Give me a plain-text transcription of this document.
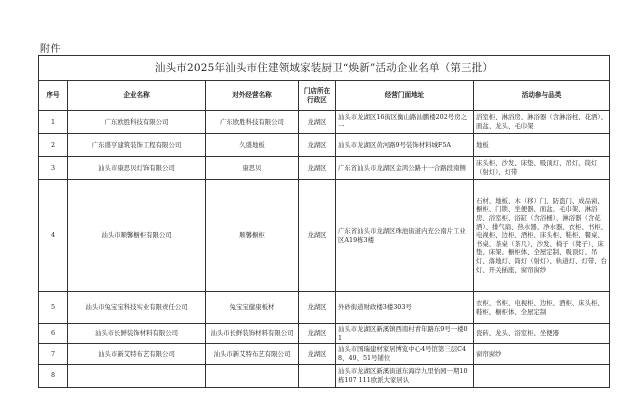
附件
汕头市2025年汕头市住建领域家装厨卫“焕新”活动企业名单（第三批）					
序号	企业名称	对外经营名称	门店所在行政区	经营门面地址	活动参与品类
1	广东欧胜科技有限公司	广东欧胜科技有限公司	龙湖区	汕头市龙湖区16街区衡山路汕鹏楼202号房之一	浴室柜、淋浴房、淋浴器（含淋浴柱、花洒）、面盆、龙头、毛巾架
2	广东盛亨建筑装饰工程有限公司	久盛地板	龙湖区	汕头市龙湖区黄河路9号装饰材料城F5A	地板
3	汕头市康思贝灯饰有限公司	康思贝	龙湖区	广东省汕头市龙湖区金鸿公路十一合路段南侧	床头柜、沙发、床垫、吸顶灯、吊灯、筒灯（射灯）、灯带
4	汕头市顺馨橱柜有限公司	顺馨橱柜	龙湖区	广东省汕头市龙湖区珠池街道内充公南片工业区A19栋3楼	石材、地板、木（移）门、防盗门、成品窗、橱柜、门锁、坐便器、面盆、毛巾架、淋浴房、浴室柜、浴缸（含浴桶）、淋浴器（含花洒）、排气扇、热水器、净水器、衣柜、书柜、电视柜、边柜、酒柜、床头柜、鞋柜、餐桌、书桌、茶桌（茶几）、沙发、椅子（凳子）、床垫、床架、橱柜体、全屋定制、吸顶灯、吊灯、落地灯、筒灯（射灯）、轨道灯、灯带、台灯、开关插座、窗帘窗纱
5	汕头市兔宝宝科技实业有限责任公司	兔宝宝健康板材	龙湖区	外砂街道财政楼3楼303号	衣柜、书柜、电视柜、边柜、酒柜、床头柜、鞋柜、橱柜体、全屋定制
6	汕头市长鲜装饰材料有限公司	汕头市长鲜装饰材料有限公司	龙湖区	汕头市龙湖区新溪镇西南村青年路东9号一楼01	瓷砖、龙头、浴室柜、坐便器
7	汕头市新艾特布艺有限公司	汕头市新艾特布艺有限公司	龙湖区	汕头市国瑞建材家居博览中心4号馆第三层C48、49、51号铺位	窗帘窗纱
8				汕头市龙湖区新溪街道东海岸九里怡园一期10栋107 111欧派大家居认	
